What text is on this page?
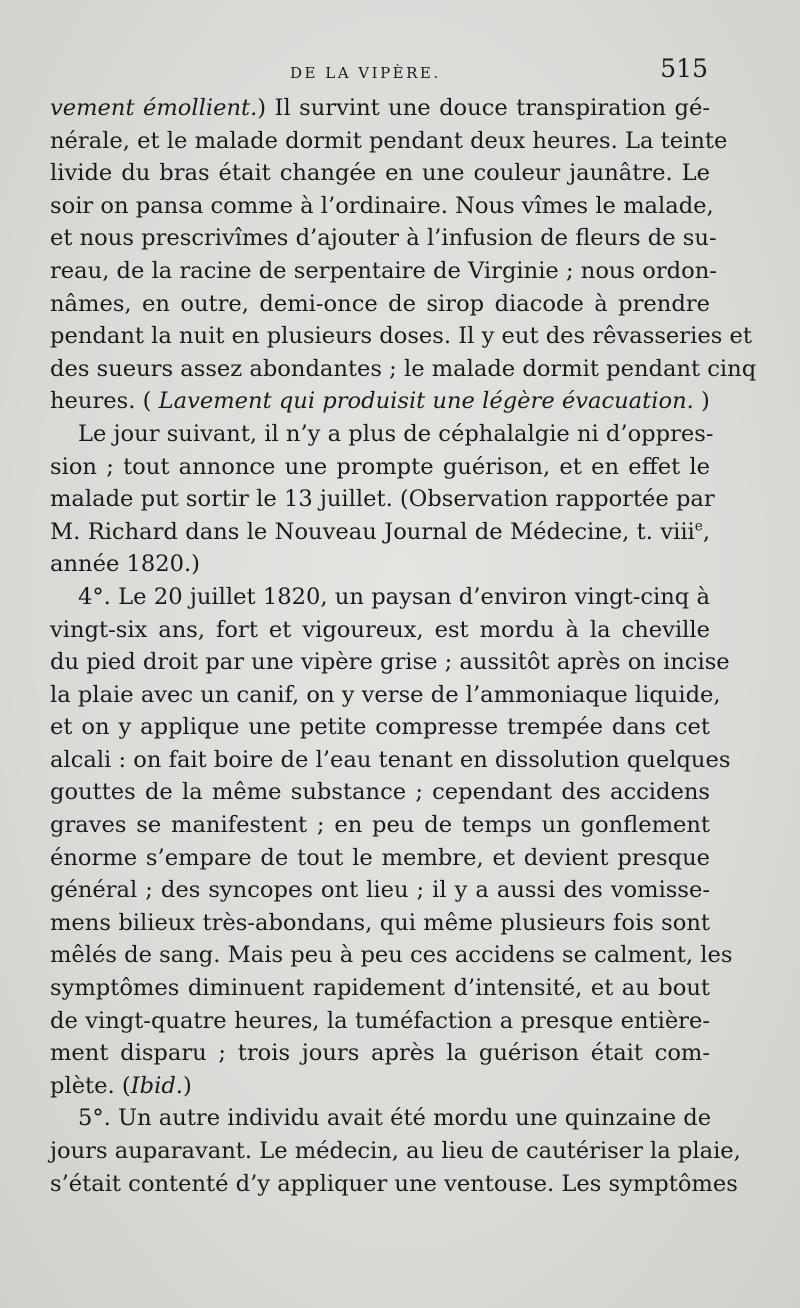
DE LA VIPÈRE.	515
vement émollient.) Il survint une douce transpiration gé-
nérale, et le malade dormit pendant deux heures. La teinte
livide du bras était changée en une couleur jaunâtre. Le
soir on pansa comme à l’ordinaire. Nous vîmes le malade,
et nous prescrivîmes d’ajouter à l’infusion de fleurs de su-
reau, de la racine de serpentaire de Virginie ; nous ordon-
nâmes, en outre, demi-once de sirop diacode à prendre
pendant la nuit en plusieurs doses. Il y eut des rêvasseries et
des sueurs assez abondantes ; le malade dormit pendant cinq
heures. ( Lavement qui produisit une légère évacuation. )
Le jour suivant, il n’y a plus de céphalalgie ni d’oppres-
sion ; tout annonce une prompte guérison, et en effet le
malade put sortir le 13 juillet. (Observation rapportée par
M. Richard dans le Nouveau Journal de Médecine, t. viii$^e$,
année 1820.)
4°. Le 20 juillet 1820, un paysan d’environ vingt-cinq à
vingt-six ans, fort et vigoureux, est mordu à la cheville
du pied droit par une vipère grise ; aussitôt après on incise
la plaie avec un canif, on y verse de l’ammoniaque liquide,
et on y applique une petite compresse trempée dans cet
alcali : on fait boire de l’eau tenant en dissolution quelques
gouttes de la même substance ; cependant des accidens
graves se manifestent ; en peu de temps un gonflement
énorme s’empare de tout le membre, et devient presque
général ; des syncopes ont lieu ; il y a aussi des vomisse-
mens bilieux très-abondans, qui même plusieurs fois sont
mêlés de sang. Mais peu à peu ces accidens se calment, les
symptômes diminuent rapidement d’intensité, et au bout
de vingt-quatre heures, la tuméfaction a presque entière-
ment disparu ; trois jours après la guérison était com-
plète. (Ibid.)
5°. Un autre individu avait été mordu une quinzaine de
jours auparavant. Le médecin, au lieu de cautériser la plaie,
s’était contenté d’y appliquer une ventouse. Les symptômes
